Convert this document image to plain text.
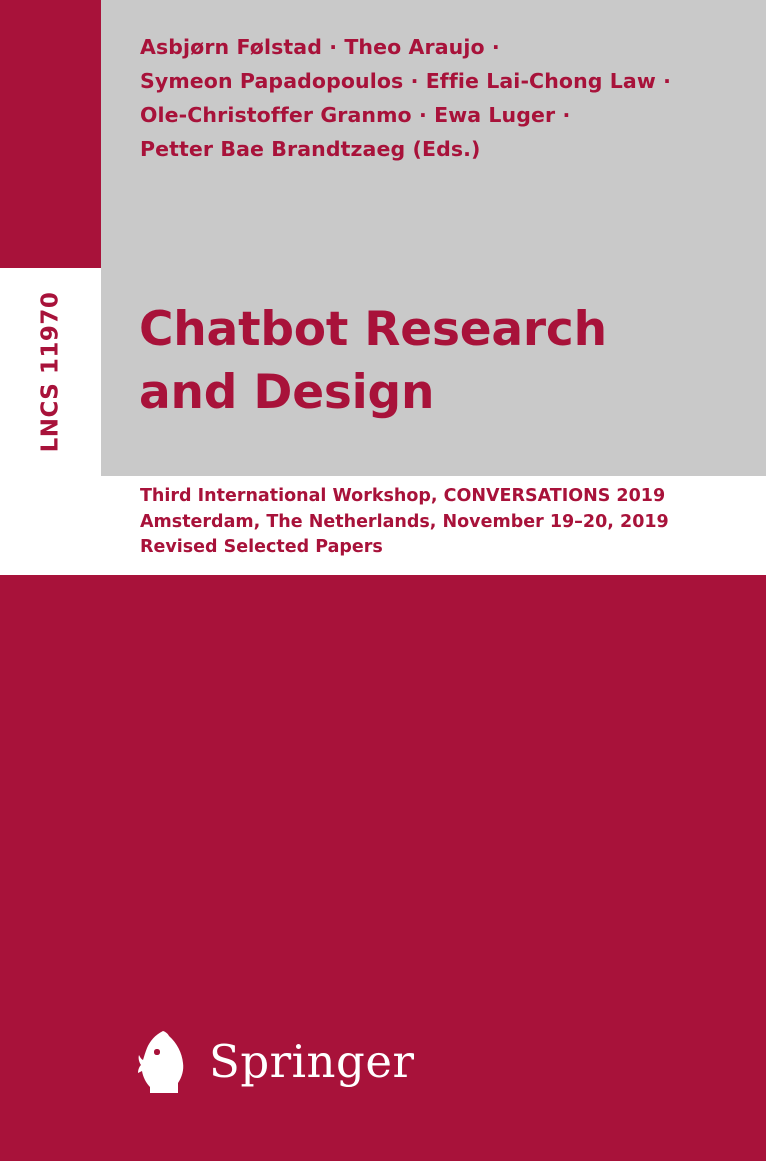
Asbjørn Følstad · Theo Araujo ·
Symeon Papadopoulos · Effie Lai-Chong Law ·
Ole-Christoffer Granmo · Ewa Luger ·
Petter Bae Brandtzaeg (Eds.)
LNCS 11970 Chatbot Research
and Design
Third International Workshop, CONVERSATIONS 2019
Amsterdam, The Netherlands, November 19–20, 2019
Revised Selected Papers
Springer
